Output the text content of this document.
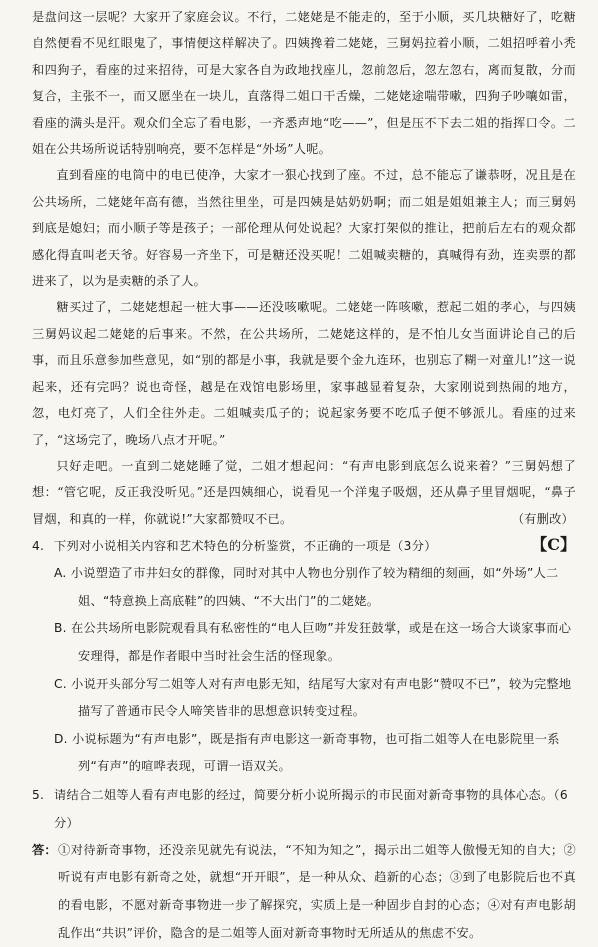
是盘问这一层呢？大家开了家庭会议。不行，二姥姥是不能走的，至于小顺，买几块糖好了，吃糖自然便看不见红眼鬼了，事情便这样解决了。四姨搀着二姥姥，三舅妈拉着小顺，二姐招呼着小秃和四狗子，看座的过来招待，可是大家各自为政地找座儿，忽前忽后，忽左忽右，离而复散，分而复合，主张不一，而又愿坐在一块儿，直落得二姐口干舌燥，二姥姥途喘带嗽，四狗子吵嚷如雷，看座的满头是汗。观众们全忘了看电影，一齐悉声地“吃——”，但是压不下去二姐的指挥口令。二姐在公共场所说话特别响亮，要不怎样是“外场”人呢。

直到看座的电筒中的电已使净，大家才一狠心找到了座。不过，总不能忘了谦恭呀，况且是在公共场所，二姥姥年高有德，当然往里坐，可是四姨是姑奶奶啊；而二姐是姐姐兼主人；而三舅妈到底是媳妇；而小顺子等是孩子；一部伦理从何处说起？大家打架似的推让，把前后左右的观众都感化得直叫老天爷。好容易一齐坐下，可是糖还没买呢！二姐喊卖糖的，真喊得有劲，连卖票的都进来了，以为是卖糖的杀了人。

糖买过了，二姥姥想起一桩大事——还没咳嗽呢。二姥姥一阵咳嗽，惹起二姐的孝心，与四姨三舅妈议起二姥姥的后事来。不然，在公共场所，二姥姥这样的，是不怕儿女当面讲论自己的后事，而且乐意参加些意见，如“别的都是小事，我就是要个金九连环，也别忘了糊一对童儿!”这一说起来，还有完吗？说也奇怪，越是在戏馆电影场里，家事越显着复杂，大家刚说到热闹的地方，忽，电灯亮了，人们全往外走。二姐喊卖瓜子的；说起家务要不吃瓜子便不够派儿。看座的过来了，“这场完了，晚场八点才开呢。”

只好走吧。一直到二姥姥睡了觉，二姐才想起问：“有声电影到底怎么说来着？”三舅妈想了想：“管它呢，反正我没听见。”还是四姨细心，说看见一个洋鬼子吸烟，还从鼻子里冒烟呢，“鼻子冒烟，和真的一样，你就说!”大家都赞叹不已。	（有删改）

4. 下列对小说相关内容和艺术特色的分析鉴赏，不正确的一项是（3分）	【C】

A. 小说塑造了市井妇女的群像，同时对其中人物也分别作了较为精细的刻画，如“外场”人二姐、“特意换上高底鞋”的四姨、“不大出门”的二姥姥。

B. 在公共场所电影院观看具有私密性的“电人巨吻”并发狂鼓掌，或是在这一场合大谈家事而心安理得，都是作者眼中当时社会生活的怪现象。

C. 小说开头部分写二姐等人对有声电影无知，结尾写大家对有声电影“赞叹不已”，较为完整地描写了普通市民令人啼笑皆非的思想意识转变过程。

D. 小说标题为“有声电影”，既是指有声电影这一新奇事物，也可指二姐等人在电影院里一系列“有声”的喧哗表现，可谓一语双关。

5. 请结合二姐等人看有声电影的经过，简要分析小说所揭示的市民面对新奇事物的具体心态。（6分）

答：①对待新奇事物，还没亲见就先有说法，“不知为知之”，揭示出二姐等人傲慢无知的自大；②听说有声电影有新奇之处，就想“开开眼”，是一种从众、趋新的心态；③到了电影院后也不真的看电影，不愿对新奇事物进一步了解探究，实质上是一种固步自封的心态；④对有声电影胡乱作出“共识”评价，隐含的是二姐等人面对新奇事物时无所适从的焦虑不安。
